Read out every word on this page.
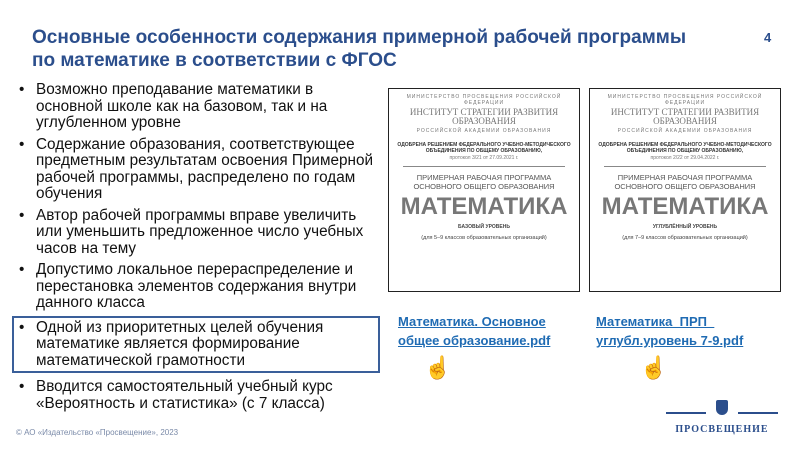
Основные особенности содержания примерной рабочей программы по математике в соответствии с ФГОС
4
• Возможно преподавание математики в основной школе как на базовом, так и на углубленном уровне
• Содержание образования, соответствующее предметным результатам освоения Примерной рабочей программы, распределено по годам обучения
• Автор рабочей программы вправе увеличить или уменьшить предложенное число учебных часов на тему
• Допустимо локальное перераспределение и перестановка элементов содержания внутри данного класса
• Одной из приоритетных целей обучения математике является формирование математической грамотности
• Вводится самостоятельный учебный курс «Вероятность и статистика» (с 7 класса)
МИНИСТЕРСТВО ПРОСВЕЩЕНИЯ РОССИЙСКОЙ ФЕДЕРАЦИИ
ИНСТИТУТ СТРАТЕГИИ РАЗВИТИЯ ОБРАЗОВАНИЯ
РОССИЙСКОЙ АКАДЕМИИ ОБРАЗОВАНИЯ
ОДОБРЕНА РЕШЕНИЕМ ФЕДЕРАЛЬНОГО УЧЕБНО-МЕТОДИЧЕСКОГО ОБЪЕДИНЕНИЯ ПО ОБЩЕМУ ОБРАЗОВАНИЮ,
протокол 3/21 от 27.09.2021 г.
ПРИМЕРНАЯ РАБОЧАЯ ПРОГРАММА ОСНОВНОГО ОБЩЕГО ОБРАЗОВАНИЯ
МАТЕМАТИКА
БАЗОВЫЙ УРОВЕНЬ
(для 5–9 классов образовательных организаций)
МИНИСТЕРСТВО ПРОСВЕЩЕНИЯ РОССИЙСКОЙ ФЕДЕРАЦИИ
ИНСТИТУТ СТРАТЕГИИ РАЗВИТИЯ ОБРАЗОВАНИЯ
РОССИЙСКОЙ АКАДЕМИИ ОБРАЗОВАНИЯ
ОДОБРЕНА РЕШЕНИЕМ ФЕДЕРАЛЬНОГО УЧЕБНО-МЕТОДИЧЕСКОГО ОБЪЕДИНЕНИЯ ПО ОБЩЕМУ ОБРАЗОВАНИЮ,
протокол 2/22 от 29.04.2022 г.
ПРИМЕРНАЯ РАБОЧАЯ ПРОГРАММА ОСНОВНОГО ОБЩЕГО ОБРАЗОВАНИЯ
МАТЕМАТИКА
УГЛУБЛЁННЫЙ УРОВЕНЬ
(для 7–9 классов образовательных организаций)
Математика. Основное общее образование.pdf
Математика_ПРП_ углубл.уровень 7-9.pdf
☝	☝
© АО «Издательство «Просвещение», 2023	ПРОСВЕЩЕНИЕ
